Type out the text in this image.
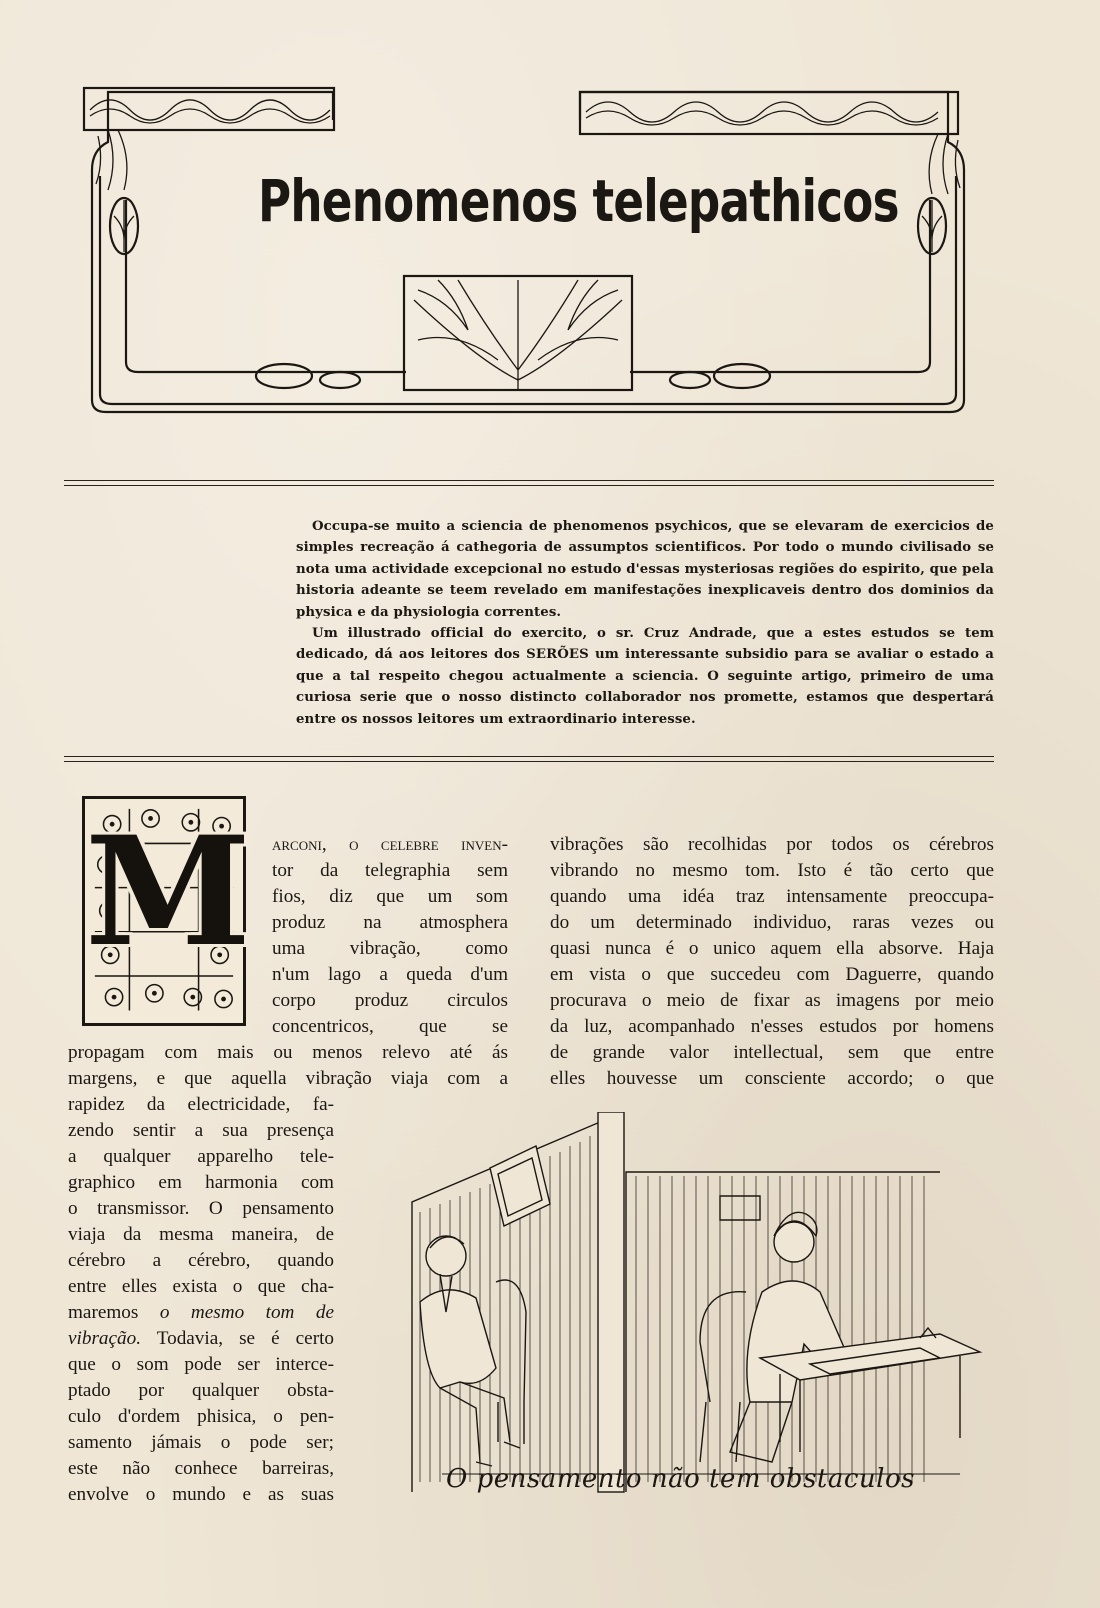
Phenomenos telepathicos

Occupa-se muito a sciencia de phenomenos psychicos, que se elevaram de exercicios de simples recreação á cathegoria de assumptos scientificos. Por todo o mundo civilisado se nota uma actividade excepcional no estudo d'essas mysteriosas regiões do espirito, que pela historia adeante se teem revelado em manifestações inexplicaveis dentro dos dominios da physica e da physiologia correntes.

Um illustrado official do exercito, o sr. Cruz Andrade, que a estes estudos se tem dedicado, dá aos leitores dos SERÕES um interessante subsidio para se avaliar o estado a que a tal respeito chegou actualmente a sciencia. O seguinte artigo, primeiro de uma curiosa serie que o nosso distincto collaborador nos promette, estamos que despertará entre os nossos leitores um extraordinario interesse.

M arconi, o celebre inven-
tor da telegraphia sem
fios, diz que um som
produz na atmosphera
uma vibração, como
n'um lago a queda d'um
corpo produz circulos
concentricos, que se
propagam com mais ou menos relevo até ás
margens, e que aquella vibração viaja com a
rapidez da electricidade, fa-
zendo sentir a sua presença
a qualquer apparelho tele-
graphico em harmonia com
o transmissor. O pensamento
viaja da mesma maneira, de
cérebro a cérebro, quando
entre elles exista o que cha-
maremos o mesmo tom de
vibração. Todavia, se é certo
que o som pode ser interce-
ptado por qualquer obsta-
culo d'ordem phisica, o pen-
samento jámais o pode ser;
este não conhece barreiras,
envolve o mundo e as suas
vibrações são recolhidas por todos os cérebros
vibrando no mesmo tom. Isto é tão certo que
quando uma idéa traz intensamente preoccupa-
do um determinado individuo, raras vezes ou
quasi nunca é o unico aquem ella absorve. Haja
em vista o que succedeu com Daguerre, quando
procurava o meio de fixar as imagens por meio
da luz, acompanhado n'esses estudos por homens
de grande valor intellectual, sem que entre
elles houvesse um consciente accordo; o que
O pensamento não tem obstaculos
